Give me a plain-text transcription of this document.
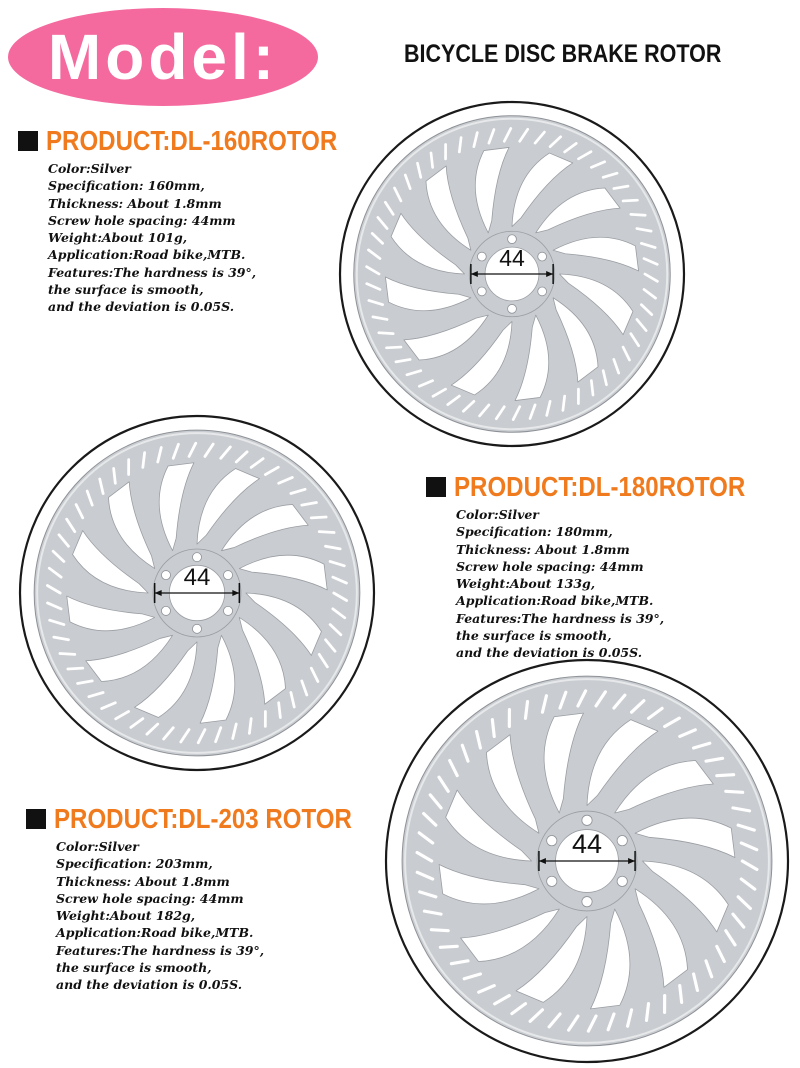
Model:	BICYCLE DISC BRAKE ROTOR
PRODUCT:DL-160ROTOR
Color:Silver
Specification: 160mm,
Thickness: About 1.8mm
Screw hole spacing: 44mm
Weight:About 101g,
Application:Road bike,MTB.
Features:The hardness is 39°,
the surface is smooth,
and the deviation is 0.05S.
PRODUCT:DL-180ROTOR
Color:Silver
Specification: 180mm,
Thickness: About 1.8mm
Screw hole spacing: 44mm
Weight:About 133g,
Application:Road bike,MTB.
Features:The hardness is 39°,
the surface is smooth,
and the deviation is 0.05S.
PRODUCT:DL-203 ROTOR
Color:Silver
Specification: 203mm,
Thickness: About 1.8mm
Screw hole spacing: 44mm
Weight:About 182g,
Application:Road bike,MTB.
Features:The hardness is 39°,
the surface is smooth,
and the deviation is 0.05S.
44
44
44
